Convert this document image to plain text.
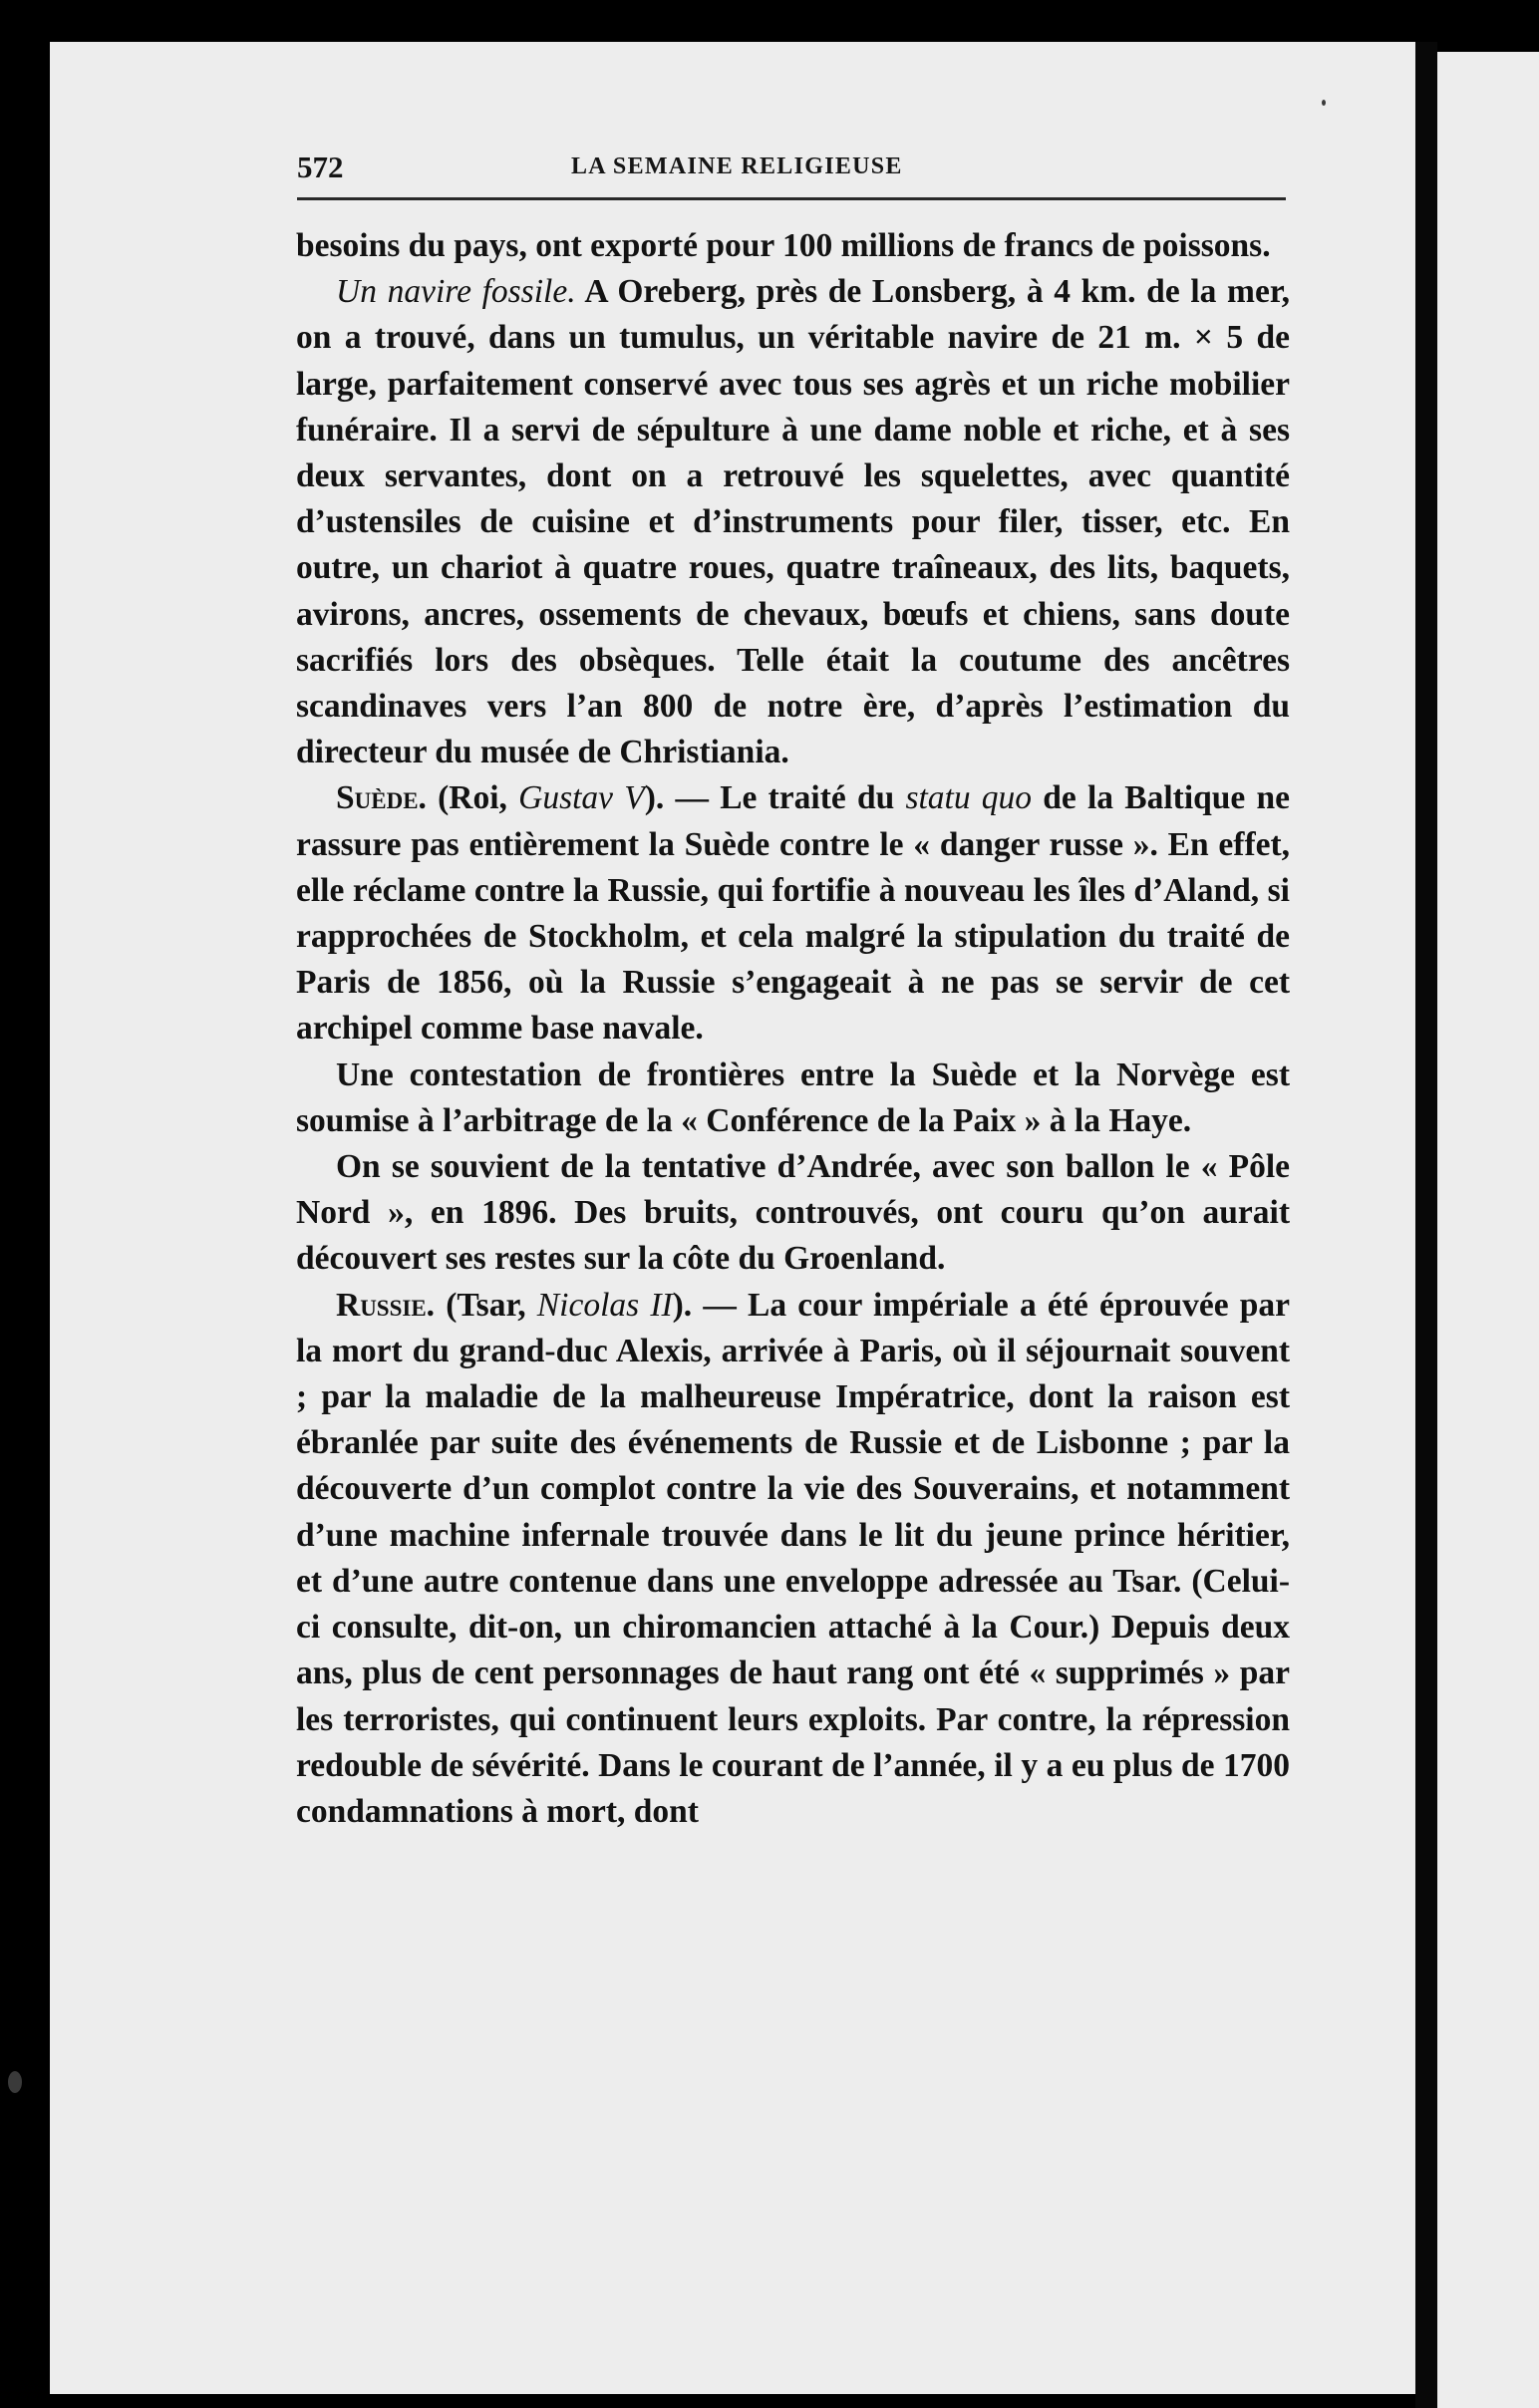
572	LA SEMAINE RELIGIEUSE

besoins du pays, ont exporté pour 100 millions de francs de poissons.

Un navire fossile. A Oreberg, près de Lonsberg, à 4 km. de la mer, on a trouvé, dans un tumulus, un véritable navire de 21 m. × 5 de large, parfaitement conservé avec tous ses agrès et un riche mobilier funéraire. Il a servi de sépulture à une dame noble et riche, et à ses deux servantes, dont on a retrouvé les squelettes, avec quantité d’ustensiles de cuisine et d’instruments pour filer, tisser, etc. En outre, un chariot à quatre roues, quatre traîneaux, des lits, baquets, avirons, ancres, ossements de chevaux, bœufs et chiens, sans doute sacrifiés lors des obsèques. Telle était la coutume des ancêtres scandinaves vers l’an 800 de notre ère, d’après l’estimation du directeur du musée de Christiania.

Suède. (Roi, Gustav V). — Le traité du statu quo de la Baltique ne rassure pas entièrement la Suède contre le « danger russe ». En effet, elle réclame contre la Russie, qui fortifie à nouveau les îles d’Aland, si rapprochées de Stockholm, et cela malgré la stipulation du traité de Paris de 1856, où la Russie s’engageait à ne pas se servir de cet archipel comme base navale.

Une contestation de frontières entre la Suède et la Norvège est soumise à l’arbitrage de la « Conférence de la Paix » à la Haye.

On se souvient de la tentative d’Andrée, avec son ballon le « Pôle Nord », en 1896. Des bruits, controuvés, ont couru qu’on aurait découvert ses restes sur la côte du Groenland.

Russie. (Tsar, Nicolas II). — La cour impériale a été éprouvée par la mort du grand-duc Alexis, arrivée à Paris, où il séjournait souvent ; par la maladie de la malheureuse Impératrice, dont la raison est ébranlée par suite des événements de Russie et de Lisbonne ; par la découverte d’un complot contre la vie des Souverains, et notamment d’une machine infernale trouvée dans le lit du jeune prince héritier, et d’une autre contenue dans une enveloppe adressée au Tsar. (Celui-ci consulte, dit-on, un chiromancien attaché à la Cour.) Depuis deux ans, plus de cent personnages de haut rang ont été « supprimés » par les terroristes, qui continuent leurs exploits. Par contre, la répression redouble de sévérité. Dans le courant de l’année, il y a eu plus de 1700 condamnations à mort, dont
